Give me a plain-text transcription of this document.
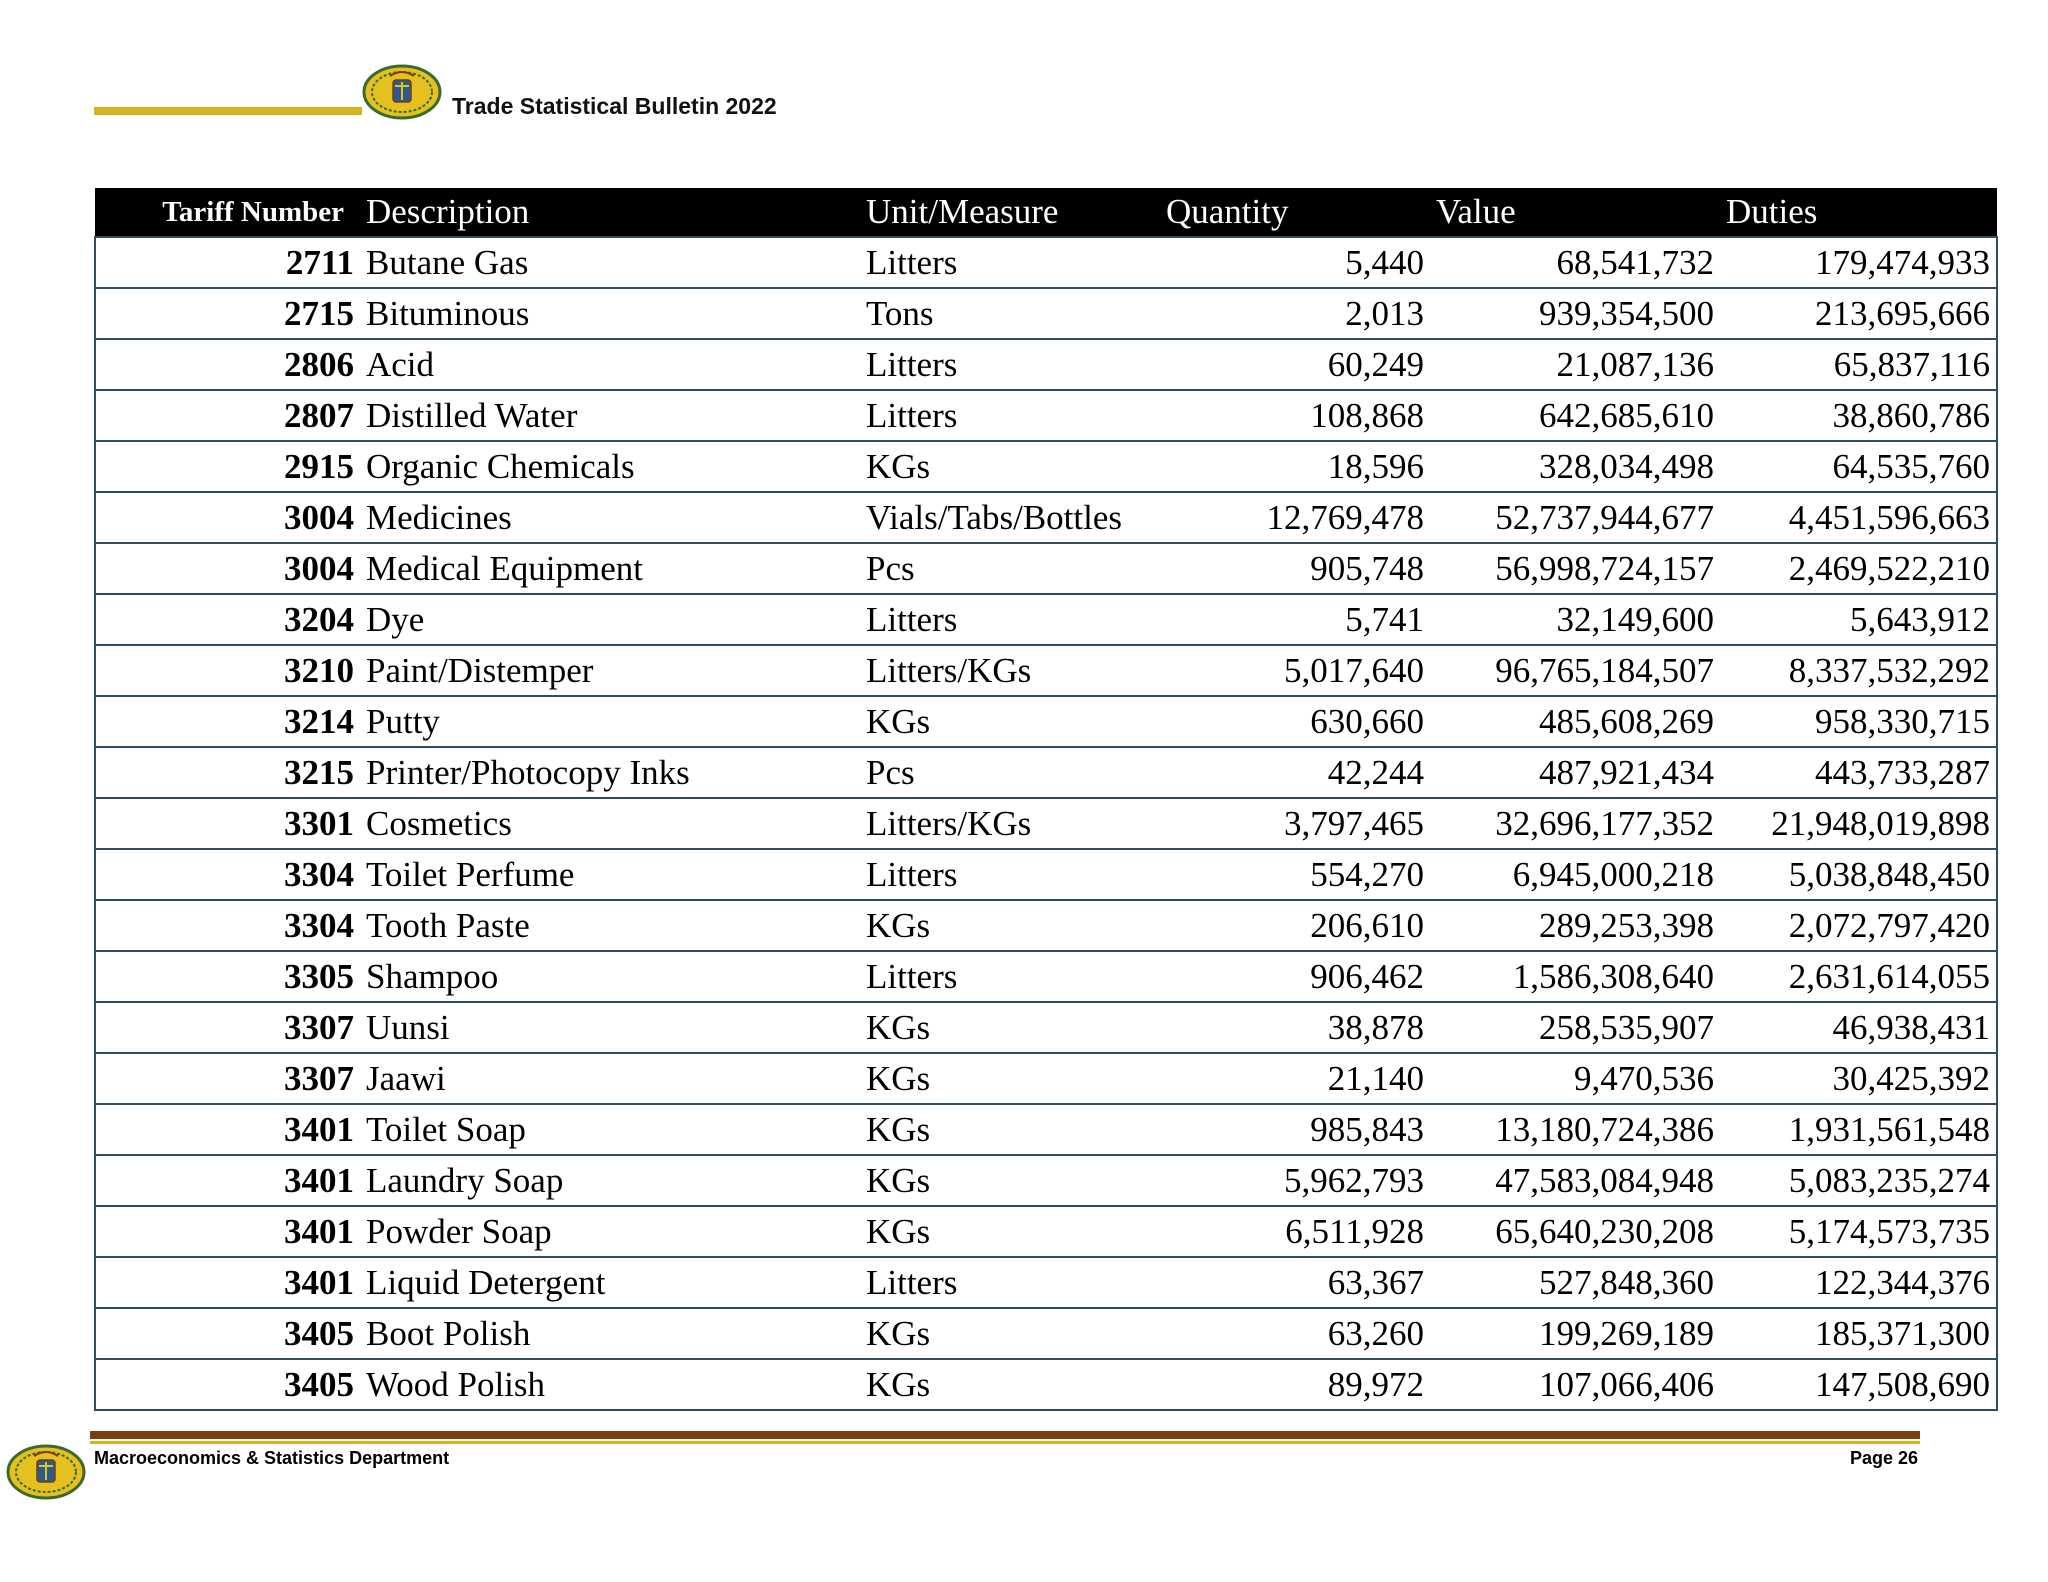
Trade Statistical Bulletin 2022
Tariff Number	Description	Unit/Measure	Quantity	Value	Duties
2711	Butane Gas	Litters	5,440	68,541,732	179,474,933
2715	Bituminous	Tons	2,013	939,354,500	213,695,666
2806	Acid	Litters	60,249	21,087,136	65,837,116
2807	Distilled Water	Litters	108,868	642,685,610	38,860,786
2915	Organic Chemicals	KGs	18,596	328,034,498	64,535,760
3004	Medicines	Vials/Tabs/Bottles	12,769,478	52,737,944,677	4,451,596,663
3004	Medical Equipment	Pcs	905,748	56,998,724,157	2,469,522,210
3204	Dye	Litters	5,741	32,149,600	5,643,912
3210	Paint/Distemper	Litters/KGs	5,017,640	96,765,184,507	8,337,532,292
3214	Putty	KGs	630,660	485,608,269	958,330,715
3215	Printer/Photocopy Inks	Pcs	42,244	487,921,434	443,733,287
3301	Cosmetics	Litters/KGs	3,797,465	32,696,177,352	21,948,019,898
3304	Toilet Perfume	Litters	554,270	6,945,000,218	5,038,848,450
3304	Tooth Paste	KGs	206,610	289,253,398	2,072,797,420
3305	Shampoo	Litters	906,462	1,586,308,640	2,631,614,055
3307	Uunsi	KGs	38,878	258,535,907	46,938,431
3307	Jaawi	KGs	21,140	9,470,536	30,425,392
3401	Toilet Soap	KGs	985,843	13,180,724,386	1,931,561,548
3401	Laundry Soap	KGs	5,962,793	47,583,084,948	5,083,235,274
3401	Powder Soap	KGs	6,511,928	65,640,230,208	5,174,573,735
3401	Liquid Detergent	Litters	63,367	527,848,360	122,344,376
3405	Boot Polish	KGs	63,260	199,269,189	185,371,300
3405	Wood Polish	KGs	89,972	107,066,406	147,508,690
Macroeconomics & Statistics Department	Page 26
